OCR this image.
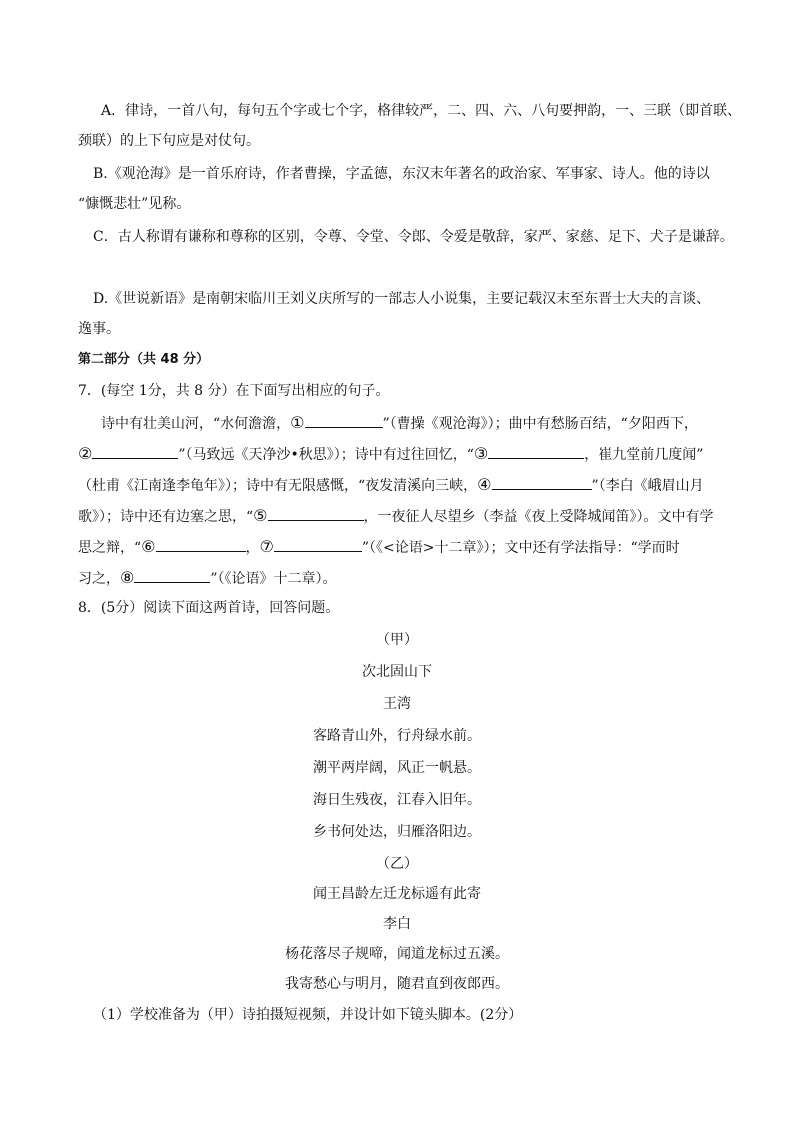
A．律诗，一首八句，每句五个字或七个字，格律较严，二、四、六、八句要押韵，一、三联（即首联、
颈联）的上下句应是对仗句。
B.《观沧海》是一首乐府诗，作者曹操，字孟德，东汉末年著名的政治家、军事家、诗人。他的诗以
“慷慨悲壮”见称。
C．古人称谓有谦称和尊称的区别，令尊、令堂、令郎、令爱是敬辞，家严、家慈、足下、犬子是谦辞。
D.《世说新语》是南朝宋临川王刘义庆所写的一部志人小说集，主要记载汉末至东晋士大夫的言谈、
逸事。
第二部分（共 48 分）
7．(每空 1分，共 8 分）在下面写出相应的句子。
诗中有壮美山河，“水何澹澹，①	”（曹操《观沧海》）；曲中有愁肠百结，“夕阳西下，
②	”（马致远《天净沙•秋思》）；诗中有过往回忆，“③	，崔九堂前几度闻”
（杜甫《江南逢李龟年》）；诗中有无限感慨，“夜发清溪向三峡，④	”（李白《峨眉山月
歌》）；诗中还有边塞之思，“⑤	，一夜征人尽望乡（李益《夜上受降城闻笛》）。文中有学
思之辩，“⑥	，⑦	”（《<论语>十二章》）；文中还有学法指导：“学而时
习之，⑧	”（《论语》十二章）。
8．(5分）阅读下面这两首诗，回答问题。
（甲）
次北固山下
王湾
客路青山外，行舟绿水前。
潮平两岸阔，风正一帆悬。
海日生残夜，江春入旧年。
乡书何处达，归雁洛阳边。
（乙）
闻王昌龄左迁龙标遥有此寄
李白
杨花落尽子规啼，闻道龙标过五溪。
我寄愁心与明月，随君直到夜郎西。
（1）学校准备为（甲）诗拍摄短视频，并设计如下镜头脚本。(2分）
